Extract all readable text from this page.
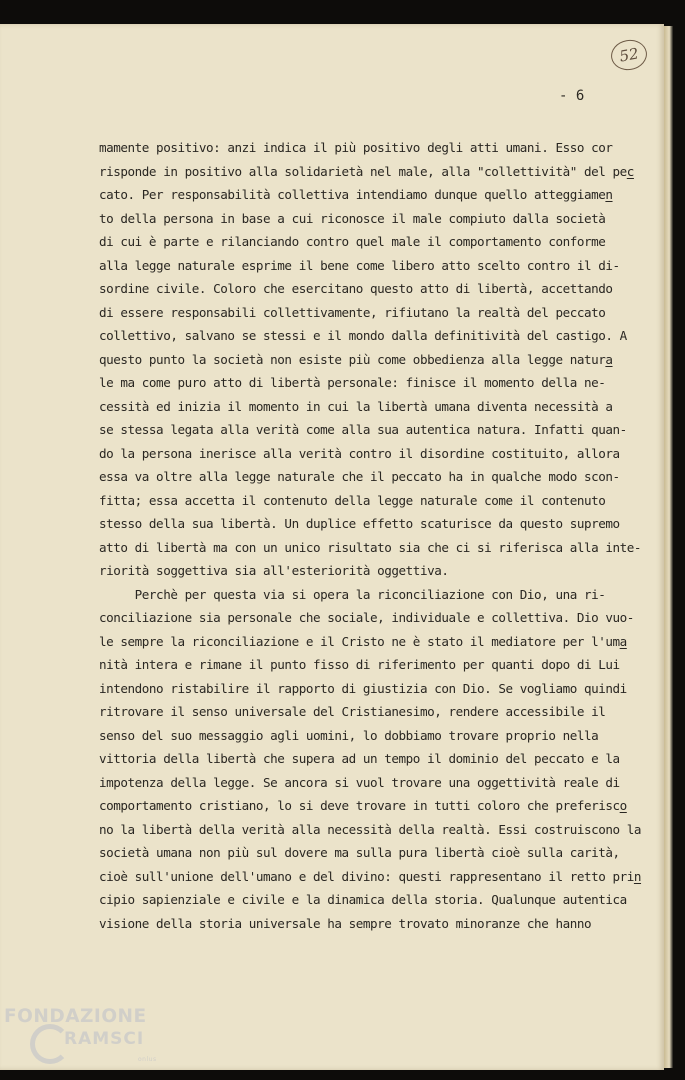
52
- 6
mamente positivo: anzi indica il più positivo degli atti umani. Esso cor
risponde in positivo alla solidarietà nel male, alla "collettività" del pec
cato. Per responsabilità collettiva intendiamo dunque quello atteggiamen
to della persona in base a cui riconosce il male compiuto dalla società
di cui è parte e rilanciando contro quel male il comportamento conforme
alla legge naturale esprime il bene come libero atto scelto contro il di-
sordine civile. Coloro che esercitano questo atto di libertà, accettando
di essere responsabili collettivamente, rifiutano la realtà del peccato
collettivo, salvano se stessi e il mondo dalla definitività del castigo. A
questo punto la società non esiste più come obbedienza alla legge natura
le ma come puro atto di libertà personale: finisce il momento della ne-
cessità ed inizia il momento in cui la libertà umana diventa necessità a
se stessa legata alla verità come alla sua autentica natura. Infatti quan-
do la persona inerisce alla verità contro il disordine costituito, allora
essa va oltre alla legge naturale che il peccato ha in qualche modo scon-
fitta; essa accetta il contenuto della legge naturale come il contenuto
stesso della sua libertà. Un duplice effetto scaturisce da questo supremo
atto di libertà ma con un unico risultato sia che ci si riferisca alla inte-
riorità soggettiva sia all'esteriorità oggettiva.
Perchè per questa via si opera la riconciliazione con Dio, una ri-
conciliazione sia personale che sociale, individuale e collettiva. Dio vuo-
le sempre la riconciliazione e il Cristo ne è stato il mediatore per l'uma
nità intera e rimane il punto fisso di riferimento per quanti dopo di Lui
intendono ristabilire il rapporto di giustizia con Dio. Se vogliamo quindi
ritrovare il senso universale del Cristianesimo, rendere accessibile il
senso del suo messaggio agli uomini, lo dobbiamo trovare proprio nella
vittoria della libertà che supera ad un tempo il dominio del peccato e la
impotenza della legge. Se ancora si vuol trovare una oggettività reale di
comportamento cristiano, lo si deve trovare in tutti coloro che preferisco
no la libertà della verità alla necessità della realtà. Essi costruiscono la
società umana non più sul dovere ma sulla pura libertà cioè sulla carità,
cioè sull'unione dell'umano e del divino: questi rappresentano il retto prin
cipio sapienziale e civile e la dinamica della storia. Qualunque autentica
visione della storia universale ha sempre trovato minoranze che hanno
FONDAZIONE
RAMSCI
onlus
